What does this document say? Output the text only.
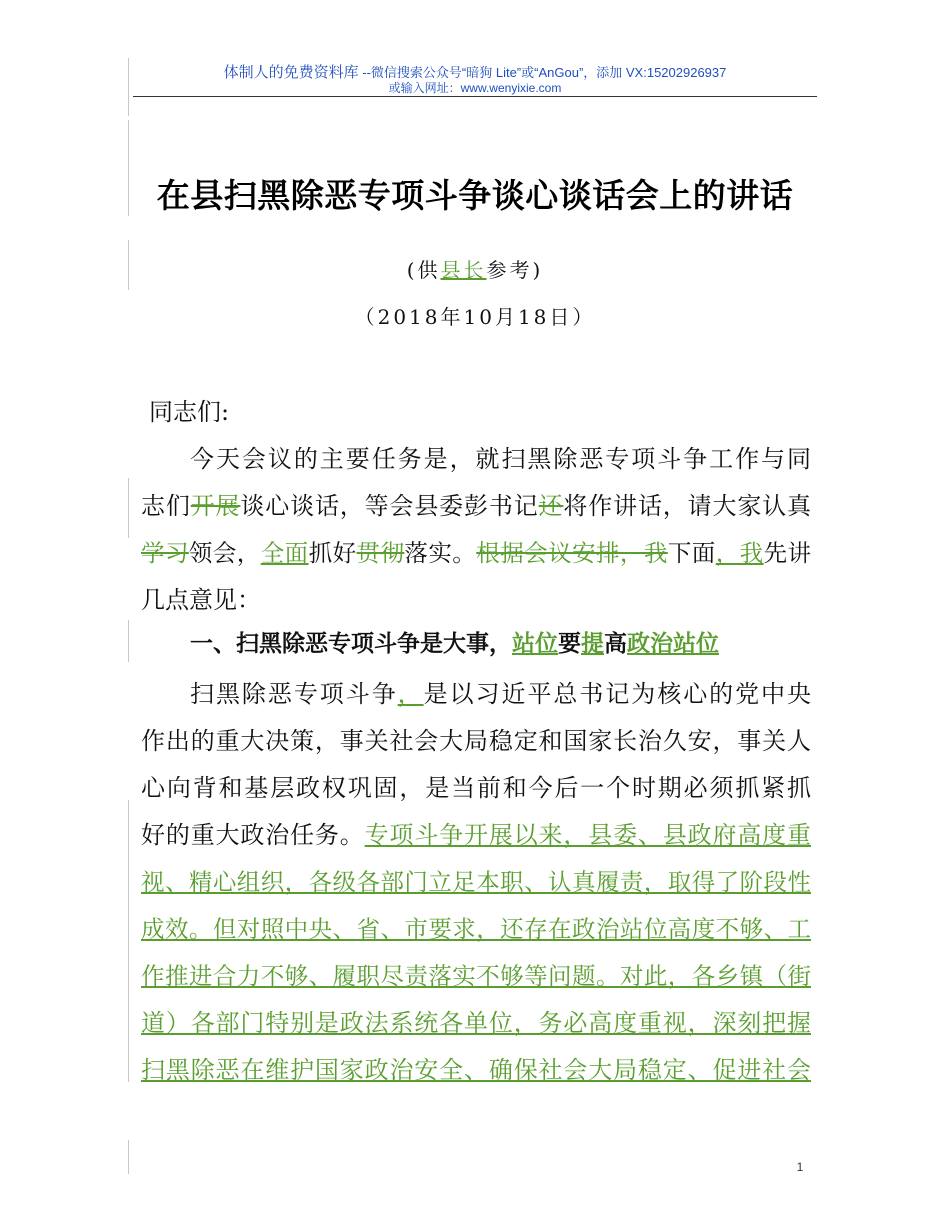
体制人的免费资料库 --微信搜索公众号“暗狗 Lite”或“AnGou”，添加 VX:15202926937
或输入网址：www.wenyixie.com
在县扫黑除恶专项斗争谈心谈话会上的讲话
(供县长参考)
（2018年10月18日）
同志们:
今天会议的主要任务是，就扫黑除恶专项斗争工作与同
志们开展谈心谈话，等会县委彭书记还将作讲话，请大家认真
学习领会，全面抓好贯彻落实。根据会议安排，我下面，我先讲
几点意见：
一、扫黑除恶专项斗争是大事，站位要提高政治站位
扫黑除恶专项斗争，是以习近平总书记为核心的党中央
作出的重大决策，事关社会大局稳定和国家长治久安，事关人
心向背和基层政权巩固，是当前和今后一个时期必须抓紧抓
好的重大政治任务。专项斗争开展以来，县委、县政府高度重
视、精心组织，各级各部门立足本职、认真履责，取得了阶段性
成效。但对照中央、省、市要求，还存在政治站位高度不够、工
作推进合力不够、履职尽责落实不够等问题。对此，各乡镇（街
道）各部门特别是政法系统各单位，务必高度重视，深刻把握
扫黑除恶在维护国家政治安全、确保社会大局稳定、促进社会
1
